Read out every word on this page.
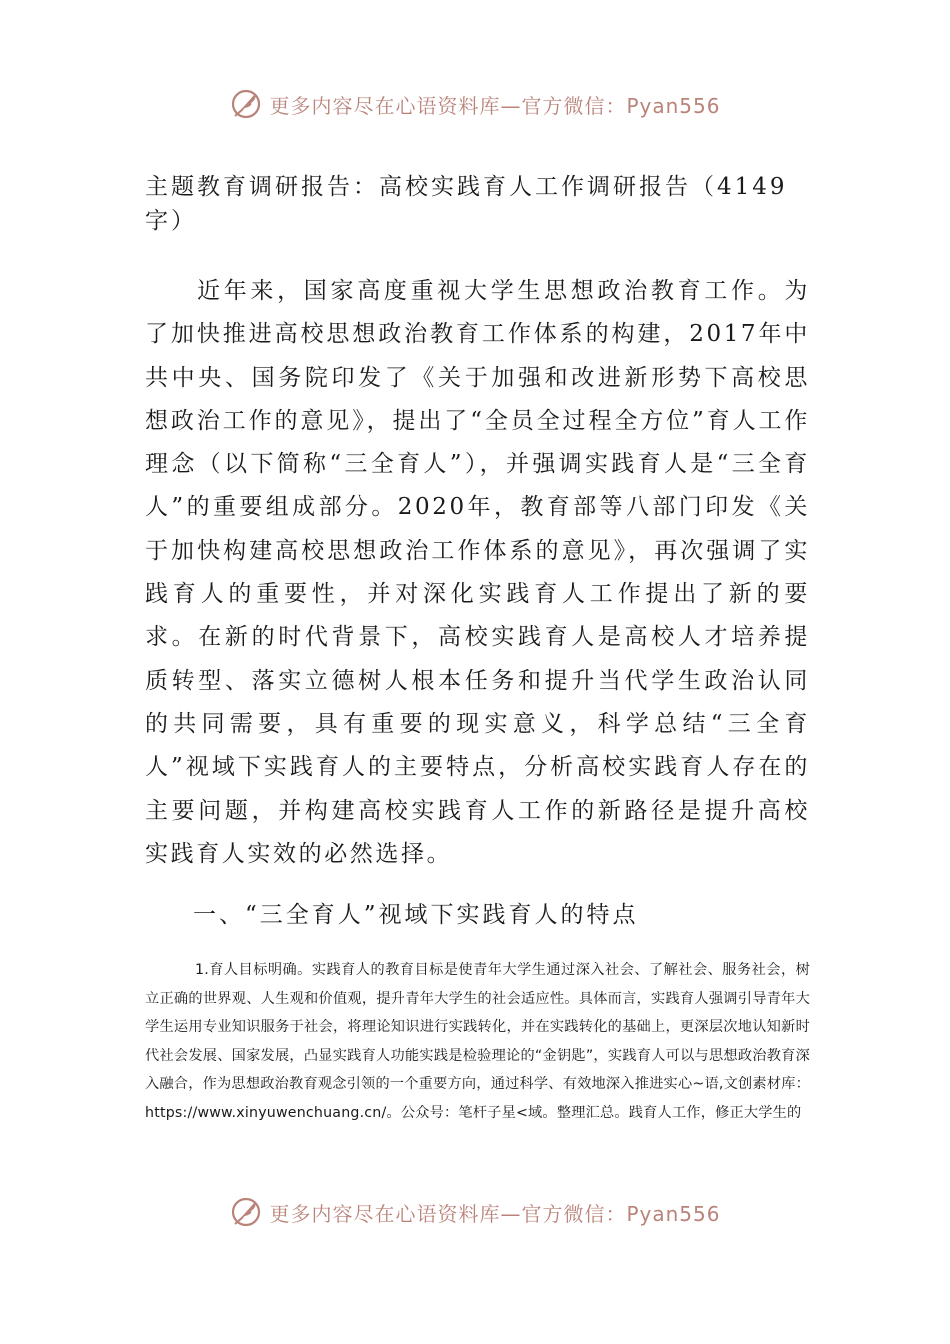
更多内容尽在心语资料库—官方微信：Pyan556
主题教育调研报告：高校实践育人工作调研报告（4149字）

近年来，国家高度重视大学生思想政治教育工作。为了加快推进高校思想政治教育工作体系的构建，2017年中共中央、国务院印发了《关于加强和改进新形势下高校思想政治工作的意见》，提出了“全员全过程全方位”育人工作理念（以下简称“三全育人”），并强调实践育人是“三全育人”的重要组成部分。2020年，教育部等八部门印发《关于加快构建高校思想政治工作体系的意见》，再次强调了实践育人的重要性，并对深化实践育人工作提出了新的要求。在新的时代背景下，高校实践育人是高校人才培养提质转型、落实立德树人根本任务和提升当代学生政治认同的共同需要，具有重要的现实意义，科学总结“三全育人”视域下实践育人的主要特点，分析高校实践育人存在的主要问题，并构建高校实践育人工作的新路径是提升高校实践育人实效的必然选择。

一、“三全育人”视域下实践育人的特点

1.育人目标明确。实践育人的教育目标是使青年大学生通过深入社会、了解社会、服务社会，树立正确的世界观、人生观和价值观，提升青年大学生的社会适应性。具体而言，实践育人强调引导青年大学生运用专业知识服务于社会，将理论知识进行实践转化，并在实践转化的基础上，更深层次地认知新时代社会发展、国家发展，凸显实践育人功能实践是检验理论的“金钥匙”，实践育人可以与思想政治教育深入融合，作为思想政治教育观念引领的一个重要方向，通过科学、有效地深入推进实心~语,文创素材库：https://www.xinyuwenchuang.cn/。公众号：笔杆子星<域。整理汇总。践育人工作，修正大学生的

更多内容尽在心语资料库—官方微信：Pyan556
